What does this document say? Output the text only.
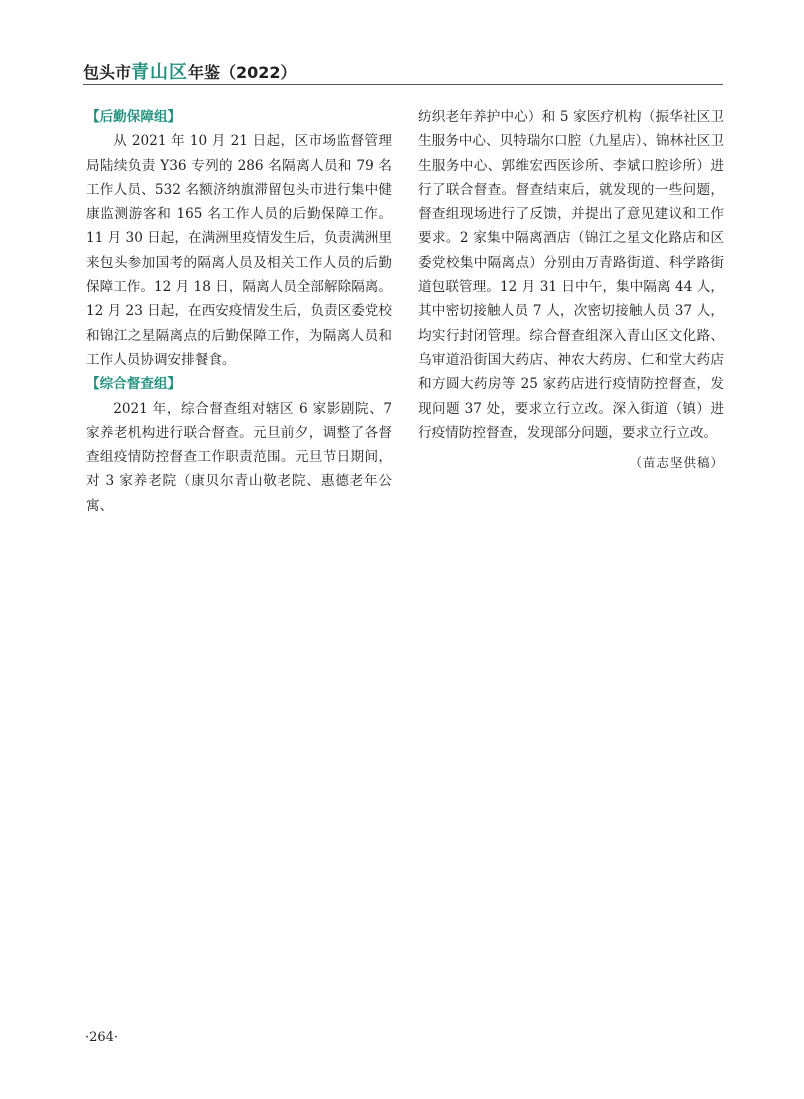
包头市青山区年鉴（2022）
【后勤保障组】

从 2021 年 10 月 21 日起，区市场监督管理局陆续负责 Y36 专列的 286 名隔离人员和 79 名工作人员、532 名额济纳旗滞留包头市进行集中健康监测游客和 165 名工作人员的后勤保障工作。11 月 30 日起，在满洲里疫情发生后，负责满洲里来包头参加国考的隔离人员及相关工作人员的后勤保障工作。12 月 18 日，隔离人员全部解除隔离。12 月 23 日起，在西安疫情发生后，负责区委党校和锦江之星隔离点的后勤保障工作，为隔离人员和工作人员协调安排餐食。

【综合督查组】

2021 年，综合督查组对辖区 6 家影剧院、7 家养老机构进行联合督查。元旦前夕，调整了各督查组疫情防控督查工作职责范围。元旦节日期间，对 3 家养老院（康贝尔青山敬老院、惠德老年公寓、

纺织老年养护中心）和 5 家医疗机构（振华社区卫生服务中心、贝特瑞尔口腔（九星店）、锦林社区卫生服务中心、郭维宏西医诊所、李斌口腔诊所）进行了联合督查。督查结束后，就发现的一些问题，督查组现场进行了反馈，并提出了意见建议和工作要求。2 家集中隔离酒店（锦江之星文化路店和区委党校集中隔离点）分别由万青路街道、科学路街道包联管理。12 月 31 日中午，集中隔离 44 人，其中密切接触人员 7 人，次密切接触人员 37 人，均实行封闭管理。综合督查组深入青山区文化路、乌审道沿街国大药店、神农大药房、仁和堂大药店和方圆大药房等 25 家药店进行疫情防控督查，发现问题 37 处，要求立行立改。深入街道（镇）进行疫情防控督查，发现部分问题，要求立行立改。

（苗志坚供稿）
·264·
